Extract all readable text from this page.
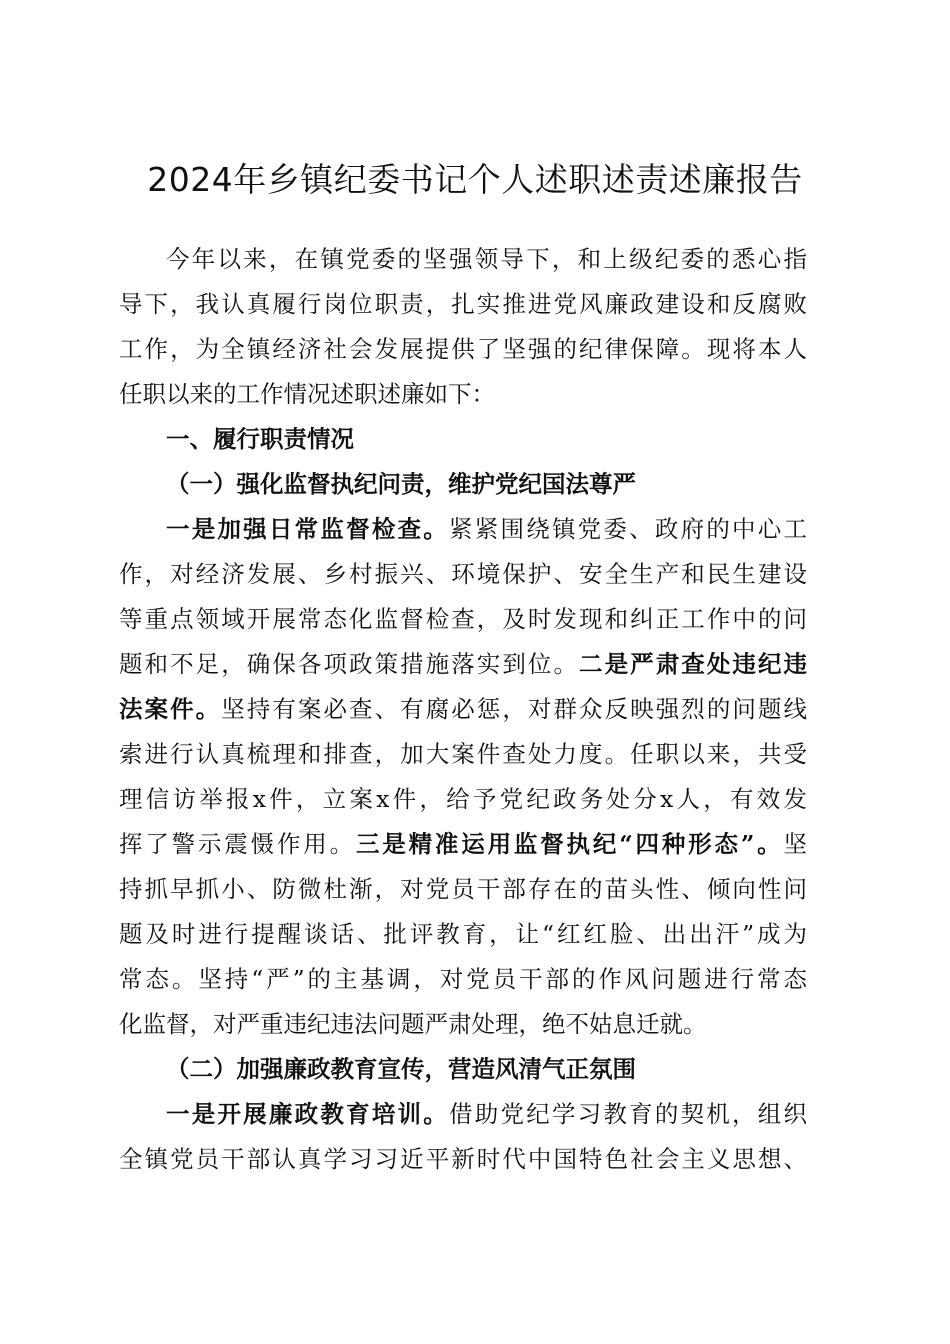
2024年乡镇纪委书记个人述职述责述廉报告
今年以来，在镇党委的坚强领导下，和上级纪委的悉心指
导下，我认真履行岗位职责，扎实推进党风廉政建设和反腐败
工作，为全镇经济社会发展提供了坚强的纪律保障。现将本人
任职以来的工作情况述职述廉如下：
一、履行职责情况
（一）强化监督执纪问责，维护党纪国法尊严
一是加强日常监督检查。紧紧围绕镇党委、政府的中心工
作，对经济发展、乡村振兴、环境保护、安全生产和民生建设
等重点领域开展常态化监督检查，及时发现和纠正工作中的问
题和不足，确保各项政策措施落实到位。二是严肃查处违纪违
法案件。坚持有案必查、有腐必惩，对群众反映强烈的问题线
索进行认真梳理和排查，加大案件查处力度。任职以来，共受
理信访举报x件，立案x件，给予党纪政务处分x人，有效发
挥了警示震慑作用。三是精准运用监督执纪“四种形态”。坚
持抓早抓小、防微杜渐，对党员干部存在的苗头性、倾向性问
题及时进行提醒谈话、批评教育，让“红红脸、出出汗”成为
常态。坚持“严”的主基调，对党员干部的作风问题进行常态
化监督，对严重违纪违法问题严肃处理，绝不姑息迁就。
（二）加强廉政教育宣传，营造风清气正氛围
一是开展廉政教育培训。借助党纪学习教育的契机，组织
全镇党员干部认真学习习近平新时代中国特色社会主义思想、
